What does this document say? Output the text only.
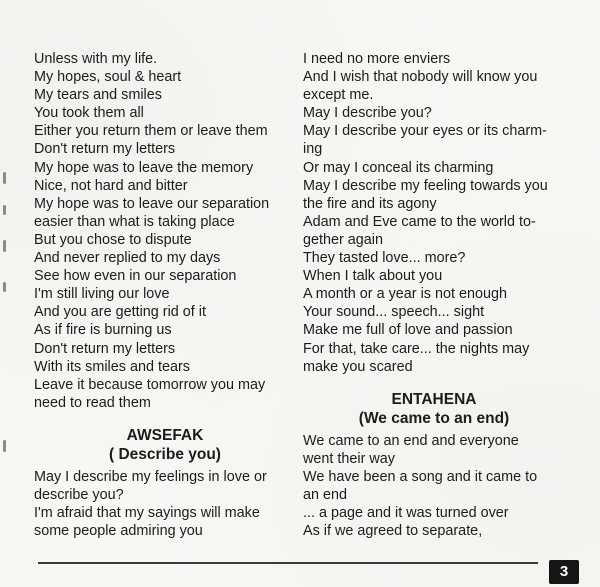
Unless with my life.
My hopes, soul & heart
My tears and smiles
You took them all
Either you return them or leave them
Don't return my letters
My hope was to leave the memory
Nice, not hard and bitter
My hope was to leave our separation
easier than what is taking place
But you chose to dispute
And never replied to my days
See how even in our separation
I'm still living our love
And you are getting rid of it
As if fire is burning us
Don't return my letters
With its smiles and tears
Leave it because tomorrow you may
need to read them
AWSEFAK
( Describe you)
May I describe my feelings in love or
describe you?
I'm afraid that my sayings will make
some people admiring you
I need no more enviers
And I wish that nobody will know you
except me.
May I describe you?
May I describe your eyes or its charm-
ing
Or may I conceal its charming
May I describe my feeling towards you
the fire and its agony
Adam and Eve came to the world to-
gether again
They tasted love... more?
When I talk about you
A month or a year is not enough
Your sound... speech... sight
Make me full of love and passion
For that, take care... the nights may
make you scared
ENTAHENA
(We came to an end)
We came to an end and everyone
went their way
We have been a song and it came to
an end
... a page and it was turned over
As if we agreed to separate,
3
